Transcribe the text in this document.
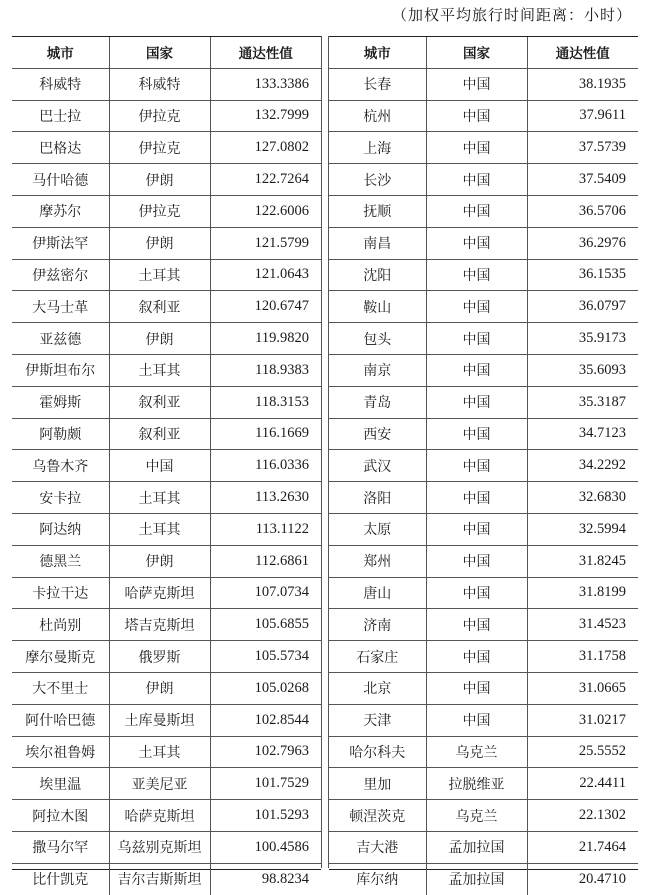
（加权平均旅行时间距离：小时）
城市	国家	通达性值
科威特	科威特	133.3386
巴士拉	伊拉克	132.7999
巴格达	伊拉克	127.0802
马什哈德	伊朗	122.7264
摩苏尔	伊拉克	122.6006
伊斯法罕	伊朗	121.5799
伊兹密尔	土耳其	121.0643
大马士革	叙利亚	120.6747
亚兹德	伊朗	119.9820
伊斯坦布尔	土耳其	118.9383
霍姆斯	叙利亚	118.3153
阿勒颇	叙利亚	116.1669
乌鲁木齐	中国	116.0336
安卡拉	土耳其	113.2630
阿达纳	土耳其	113.1122
德黑兰	伊朗	112.6861
卡拉干达	哈萨克斯坦	107.0734
杜尚别	塔吉克斯坦	105.6855
摩尔曼斯克	俄罗斯	105.5734
大不里士	伊朗	105.0268
阿什哈巴德	土库曼斯坦	102.8544
埃尔祖鲁姆	土耳其	102.7963
埃里温	亚美尼亚	101.7529
阿拉木图	哈萨克斯坦	101.5293
撒马尔罕	乌兹别克斯坦	100.4586
比什凯克	吉尔吉斯斯坦	98.8234
城市	国家	通达性值
长春	中国	38.1935
杭州	中国	37.9611
上海	中国	37.5739
长沙	中国	37.5409
抚顺	中国	36.5706
南昌	中国	36.2976
沈阳	中国	36.1535
鞍山	中国	36.0797
包头	中国	35.9173
南京	中国	35.6093
青岛	中国	35.3187
西安	中国	34.7123
武汉	中国	34.2292
洛阳	中国	32.6830
太原	中国	32.5994
郑州	中国	31.8245
唐山	中国	31.8199
济南	中国	31.4523
石家庄	中国	31.1758
北京	中国	31.0665
天津	中国	31.0217
哈尔科夫	乌克兰	25.5552
里加	拉脱维亚	22.4411
顿涅茨克	乌克兰	22.1302
吉大港	孟加拉国	21.7464
库尔纳	孟加拉国	20.4710
